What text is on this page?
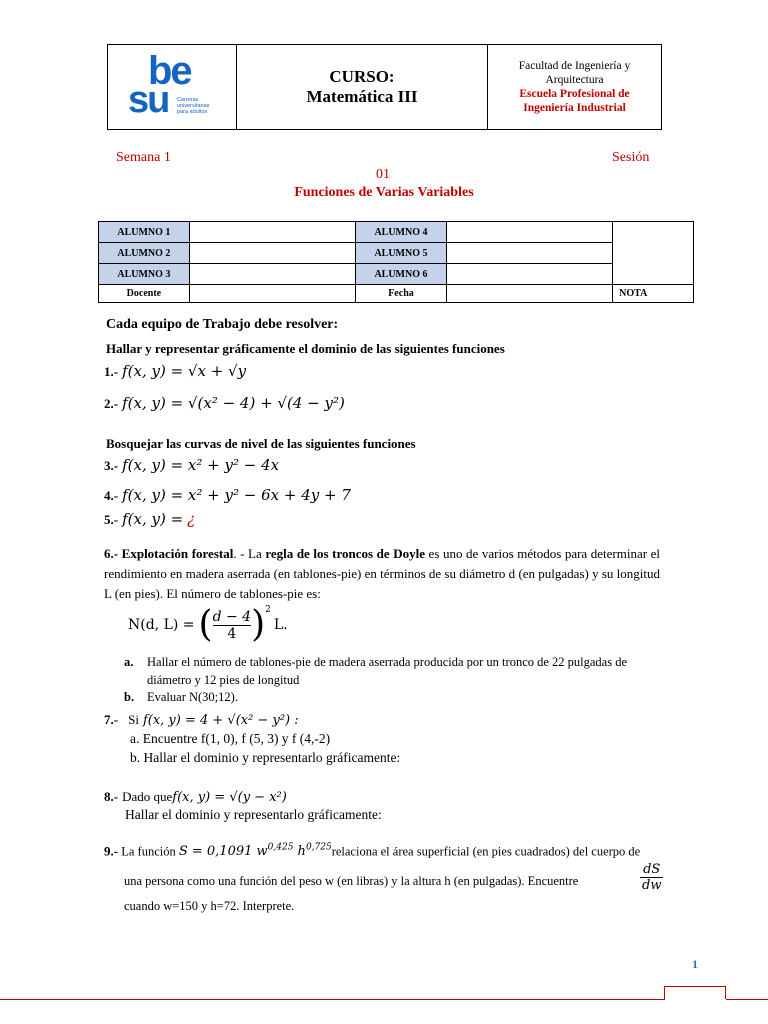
be
su Carreras
universitarias
para adultos
CURSO:
Matemática III
Facultad de Ingeniería y Arquitectura
Escuela Profesional de Ingeniería Industrial
Semana 1	Sesión
01
Funciones de Varias Variables
ALUMNO 1		ALUMNO 4		
ALUMNO 2		ALUMNO 5		
ALUMNO 3		ALUMNO 6		
Docente		Fecha		NOTA
Cada equipo de Trabajo debe resolver:
Hallar y representar gráficamente el dominio de las siguientes funciones
1.- f(x, y) = √x + √y
2.- f(x, y) = √(x² − 4) + √(4 − y²)
Bosquejar las curvas de nivel de las siguientes funciones
3.- f(x, y) = x² + y² − 4x
4.- f(x, y) = x² + y² − 6x + 4y + 7
5.- f(x, y) = ¿
6.- Explotación forestal. - La regla de los troncos de Doyle es uno de varios métodos para determinar el rendimiento en madera aserrada (en tablones-pie) en términos de su diámetro d (en pulgadas) y su longitud L (en pies). El número de tablones-pie es:
N(d, L) = ( d − 4
4 )$^2$
L.
a. Hallar el número de tablones-pie de madera aserrada producida por un tronco de 22 pulgadas de diámetro y 12 pies de longitud
b. Evaluar N(30;12).
7.- Si f(x, y) = 4 + √(x² − y²) :
a. Encuentre f(1, 0), f (5, 3) y f (4,-2)
b. Hallar el dominio y representarlo gráficamente:
8.- Dado quef(x, y) = √(y − x²)
Hallar el dominio y representarlo gráficamente:
9.- La función S = 0,1091 $w^{0,425}$ $h^{0,725}relaciona$ el área superficial (en pies cuadrados) del cuerpo de
una persona como una función del peso w (en libras) y la altura h (en pulgadas). Encuentre
dS
dw
cuando w=150 y h=72. Interprete.
1
